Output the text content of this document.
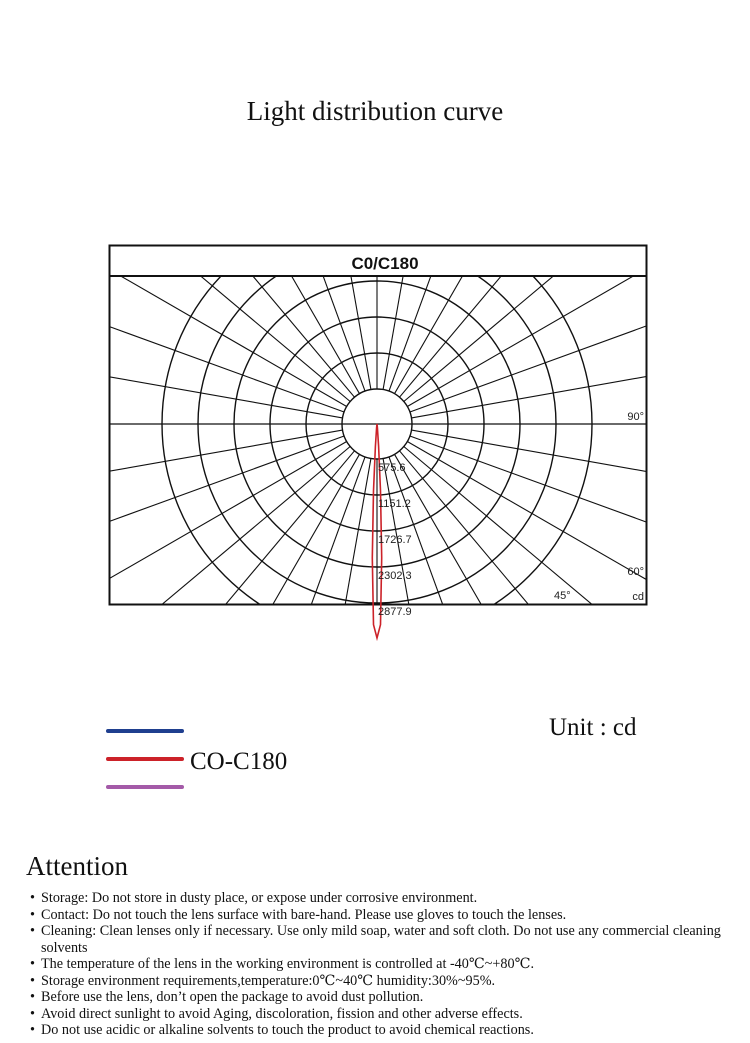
Light distribution curve
C0/C180
575.6
1151.2
1726.7
2302.3
2877.9
90°
60°
45°	cd
CO-C180
Unit : cd
Attention
• Storage: Do not store in dusty place, or expose under corrosive environment.
• Contact: Do not touch the lens surface with bare-hand. Please use gloves to touch the lenses.
• Cleaning: Clean lenses only if necessary. Use only mild soap, water and soft cloth. Do not use any commercial cleaning solvents
• The temperature of the lens in the working environment is controlled at -40℃~+80℃.
• Storage environment requirements,temperature:0℃~40℃ humidity:30%~95%.
• Before use the lens, don’t open the package to avoid dust pollution.
• Avoid direct sunlight to avoid Aging, discoloration, fission and other adverse effects.
• Do not use acidic or alkaline solvents to touch the product to avoid chemical reactions.
